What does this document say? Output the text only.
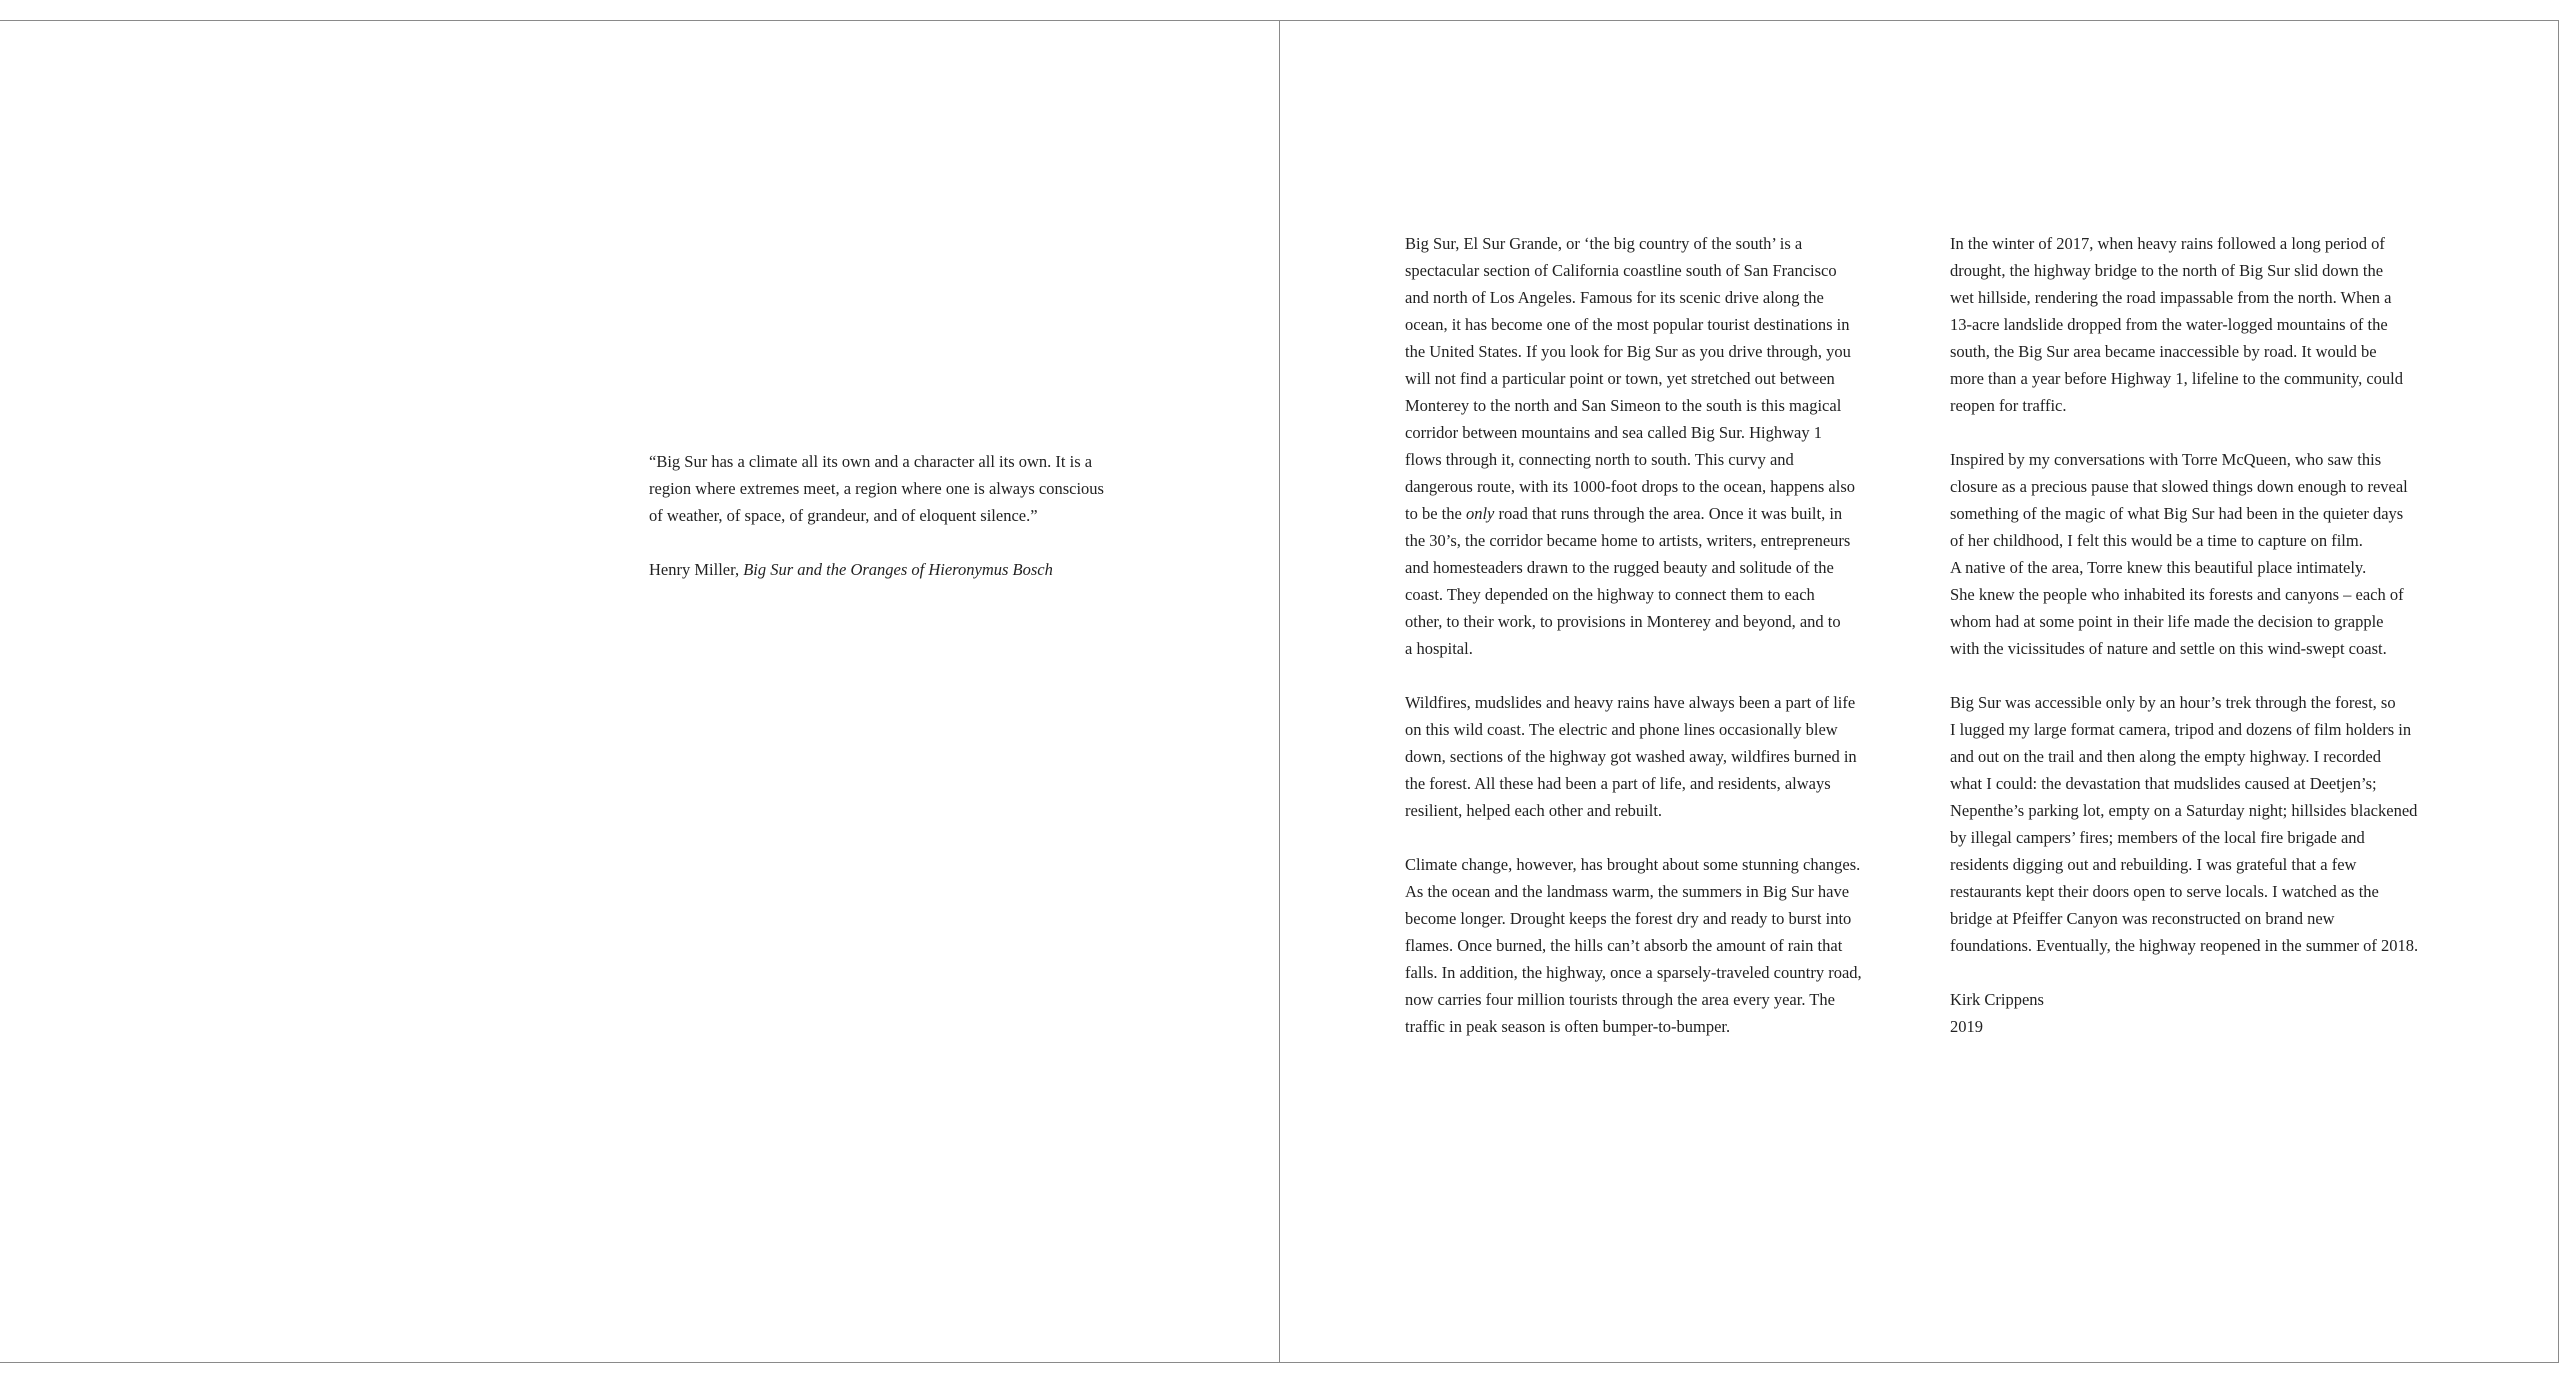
“Big Sur has a climate all its own and a character all its own. It is a
region where extremes meet, a region where one is always conscious
of weather, of space, of grandeur, and of eloquent silence.”

Henry Miller, Big Sur and the Oranges of Hieronymus Bosch

Big Sur, El Sur Grande, or ‘the big country of the south’ is a
spectacular section of California coastline south of San Francisco
and north of Los Angeles. Famous for its scenic drive along the
ocean, it has become one of the most popular tourist destinations in
the United States. If you look for Big Sur as you drive through, you
will not find a particular point or town, yet stretched out between
Monterey to the north and San Simeon to the south is this magical
corridor between mountains and sea called Big Sur. Highway 1
flows through it, connecting north to south. This curvy and
dangerous route, with its 1000-foot drops to the ocean, happens also
to be the only road that runs through the area. Once it was built, in
the 30’s, the corridor became home to artists, writers, entrepreneurs
and homesteaders drawn to the rugged beauty and solitude of the
coast. They depended on the highway to connect them to each
other, to their work, to provisions in Monterey and beyond, and to
a hospital.

Wildfires, mudslides and heavy rains have always been a part of life
on this wild coast. The electric and phone lines occasionally blew
down, sections of the highway got washed away, wildfires burned in
the forest. All these had been a part of life, and residents, always
resilient, helped each other and rebuilt.

Climate change, however, has brought about some stunning changes.
As the ocean and the landmass warm, the summers in Big Sur have
become longer. Drought keeps the forest dry and ready to burst into
flames. Once burned, the hills can’t absorb the amount of rain that
falls. In addition, the highway, once a sparsely-traveled country road,
now carries four million tourists through the area every year. The
traffic in peak season is often bumper-to-bumper.

In the winter of 2017, when heavy rains followed a long period of
drought, the highway bridge to the north of Big Sur slid down the
wet hillside, rendering the road impassable from the north. When a
13-acre landslide dropped from the water-logged mountains of the
south, the Big Sur area became inaccessible by road. It would be
more than a year before Highway 1, lifeline to the community, could
reopen for traffic.

Inspired by my conversations with Torre McQueen, who saw this
closure as a precious pause that slowed things down enough to reveal
something of the magic of what Big Sur had been in the quieter days
of her childhood, I felt this would be a time to capture on film.
A native of the area, Torre knew this beautiful place intimately.
She knew the people who inhabited its forests and canyons – each of
whom had at some point in their life made the decision to grapple
with the vicissitudes of nature and settle on this wind-swept coast.

Big Sur was accessible only by an hour’s trek through the forest, so
I lugged my large format camera, tripod and dozens of film holders in
and out on the trail and then along the empty highway. I recorded
what I could: the devastation that mudslides caused at Deetjen’s;
Nepenthe’s parking lot, empty on a Saturday night; hillsides blackened
by illegal campers’ fires; members of the local fire brigade and
residents digging out and rebuilding. I was grateful that a few
restaurants kept their doors open to serve locals. I watched as the
bridge at Pfeiffer Canyon was reconstructed on brand new
foundations. Eventually, the highway reopened in the summer of 2018.

Kirk Crippens
2019
